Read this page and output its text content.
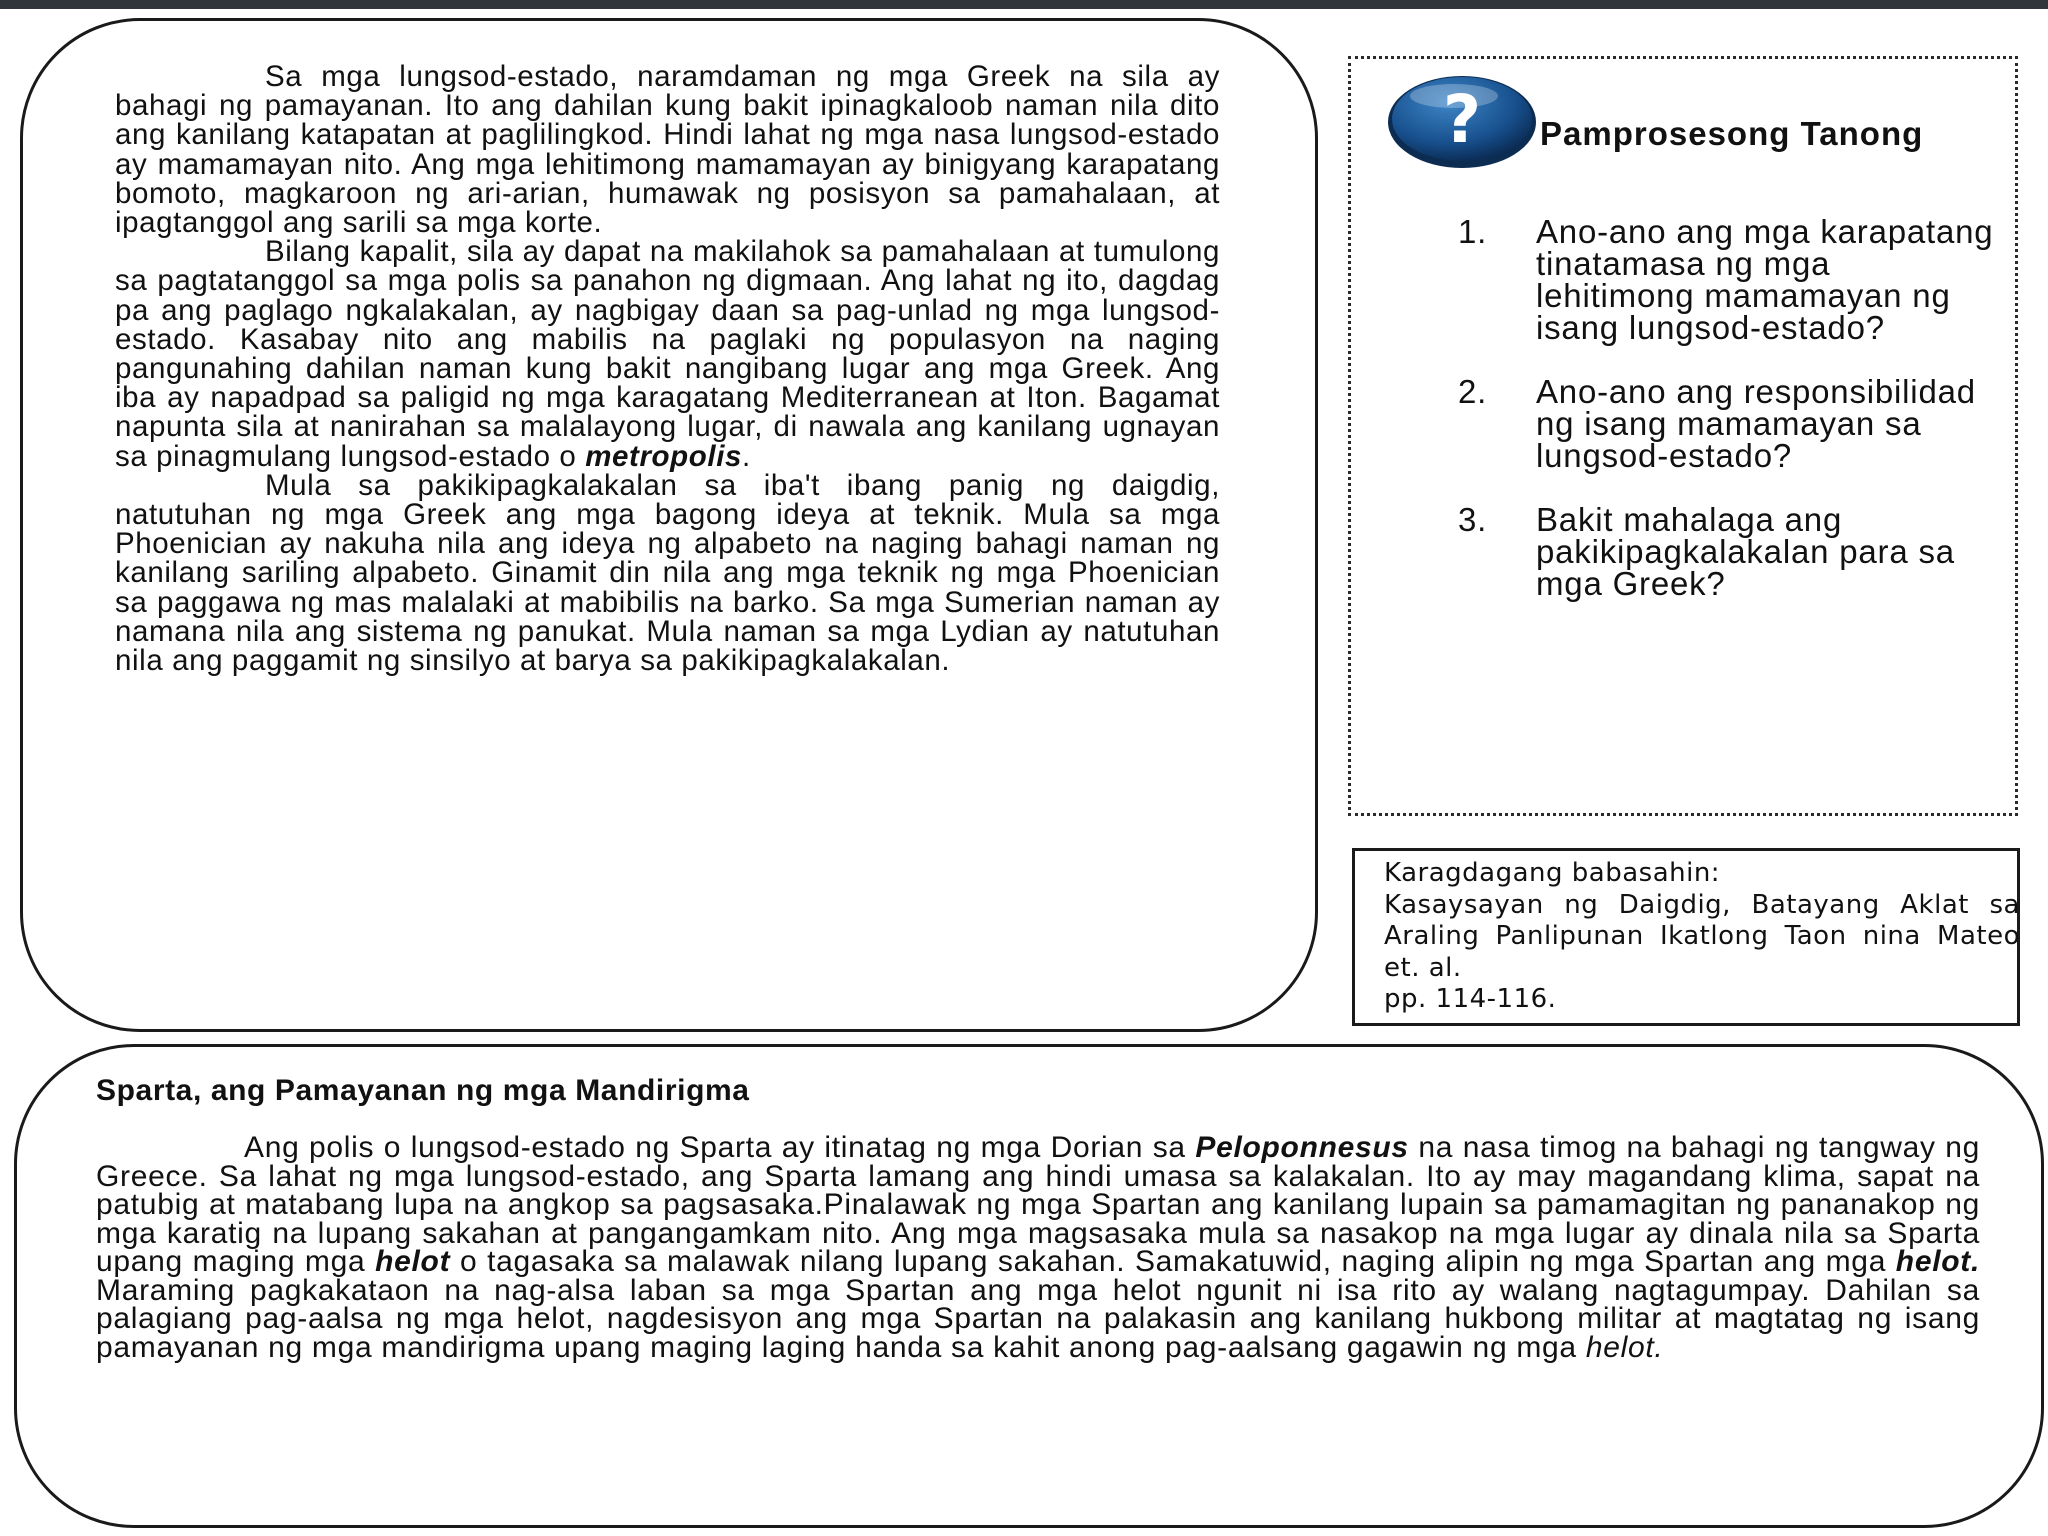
Sa mga lungsod-estado, naramdaman ng mga Greek na sila ay bahagi ng pamayanan. Ito ang dahilan kung bakit ipinagkaloob naman nila dito ang kanilang katapatan at paglilingkod. Hindi lahat ng mga nasa lungsod-estado ay mamamayan nito. Ang mga lehitimong mamamayan ay binigyang karapatang bomoto, magkaroon ng ari-arian, humawak ng posisyon sa pamahalaan, at ipagtanggol ang sarili sa mga korte.

Bilang kapalit, sila ay dapat na makilahok sa pamahalaan at tumulong sa pagtatanggol sa mga polis sa panahon ng digmaan. Ang lahat ng ito, dagdag pa ang paglago ngkalakalan, ay nagbigay daan sa pag-unlad ng mga lungsod-estado. Kasabay nito ang mabilis na paglaki ng populasyon na naging pangunahing dahilan naman kung bakit nangibang lugar ang mga Greek. Ang iba ay napadpad sa paligid ng mga karagatang Mediterranean at Iton. Bagamat napunta sila at nanirahan sa malalayong lugar, di nawala ang kanilang ugnayan sa pinagmulang lungsod-estado o metropolis.

Mula sa pakikipagkalakalan sa iba't ibang panig ng daigdig, natutuhan ng mga Greek ang mga bagong ideya at teknik. Mula sa mga Phoenician ay nakuha nila ang ideya ng alpabeto na naging bahagi naman ng kanilang sariling alpabeto. Ginamit din nila ang mga teknik ng mga Phoenician sa paggawa ng mas malalaki at mabibilis na barko. Sa mga Sumerian naman ay namana nila ang sistema ng panukat. Mula naman sa mga Lydian ay natutuhan nila ang paggamit ng sinsilyo at barya sa pakikipagkalakalan.

? Pamprosesong Tanong
1. Ano-ano ang mga karapatang tinatamasa ng mga lehitimong mamamayan ng isang lungsod-estado?
2. Ano-ano ang responsibilidad ng isang mamamayan sa lungsod-estado?
3. Bakit mahalaga ang pakikipagkalakalan para sa mga Greek?
Karagdagang babasahin:
Kasaysayan ng Daigdig, Batayang Aklat sa Araling Panlipunan Ikatlong Taon nina Mateo et. al.
pp. 114-116.
Sparta, ang Pamayanan ng mga Mandirigma

Ang polis o lungsod-estado ng Sparta ay itinatag ng mga Dorian sa Peloponnesus na nasa timog na bahagi ng tangway ng Greece. Sa lahat ng mga lungsod-estado, ang Sparta lamang ang hindi umasa sa kalakalan. Ito ay may magandang klima, sapat na patubig at matabang lupa na angkop sa pagsasaka.Pinalawak ng mga Spartan ang kanilang lupain sa pamamagitan ng pananakop ng mga karatig na lupang sakahan at pangangamkam nito. Ang mga magsasaka mula sa nasakop na mga lugar ay dinala nila sa Sparta upang maging mga helot o tagasaka sa malawak nilang lupang sakahan. Samakatuwid, naging alipin ng mga Spartan ang mga helot. Maraming pagkakataon na nag-alsa laban sa mga Spartan ang mga helot ngunit ni isa rito ay walang nagtagumpay. Dahilan sa palagiang pag-aalsa ng mga helot, nagdesisyon ang mga Spartan na palakasin ang kanilang hukbong militar at magtatag ng isang pamayanan ng mga mandirigma upang maging laging handa sa kahit anong pag-aalsang gagawin ng mga helot.
